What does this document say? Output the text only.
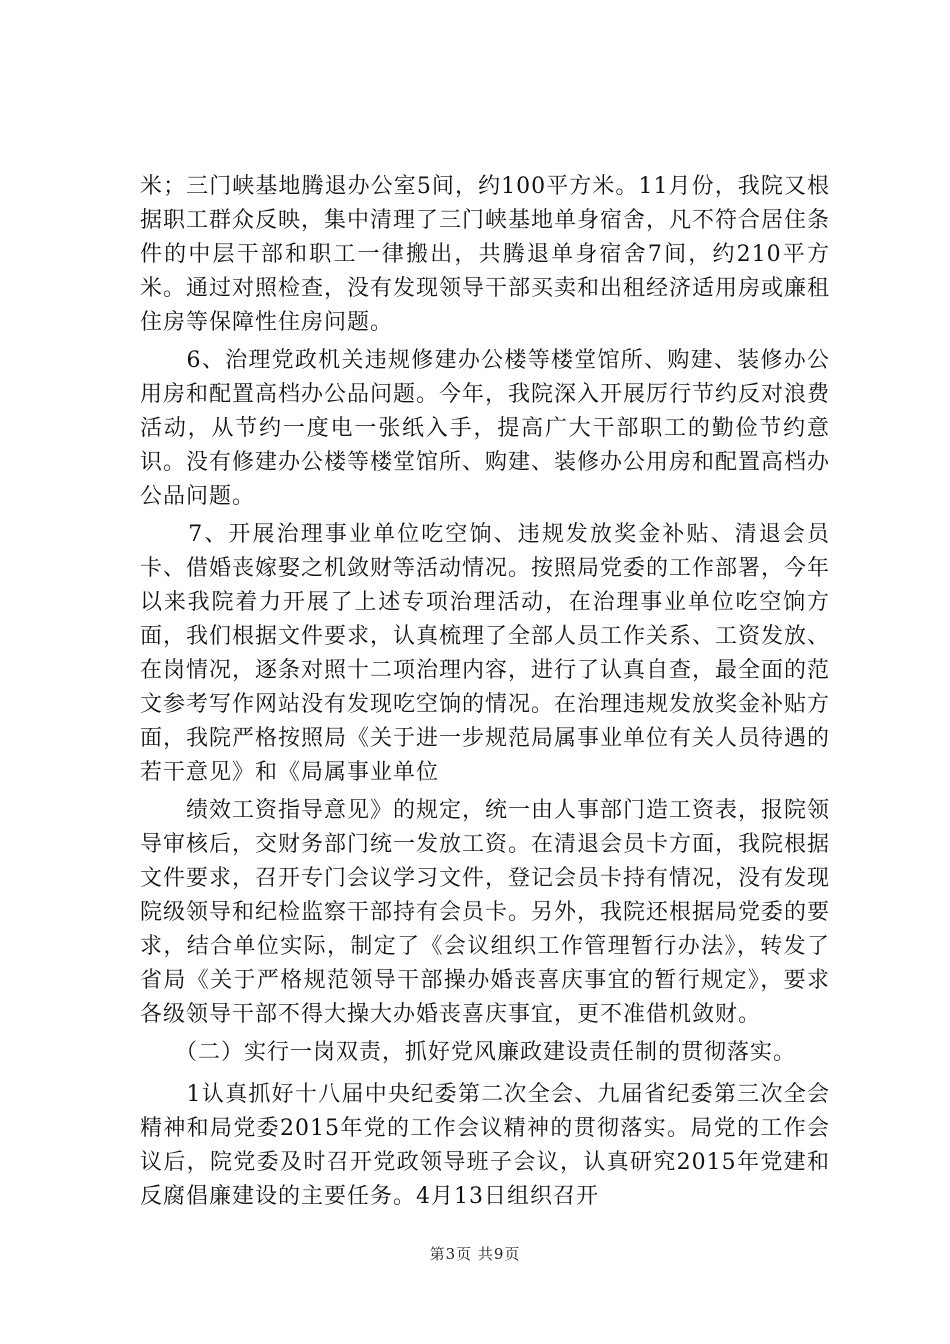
米；三门峡基地腾退办公室5间，约100平方米。11月份，我院又根据职工群众反映，集中清理了三门峡基地单身宿舍，凡不符合居住条件的中层干部和职工一律搬出，共腾退单身宿舍7间，约210平方米。通过对照检查，没有发现领导干部买卖和出租经济适用房或廉租住房等保障性住房问题。

　　6、治理党政机关违规修建办公楼等楼堂馆所、购建、装修办公用房和配置高档办公品问题。今年，我院深入开展厉行节约反对浪费活动，从节约一度电一张纸入手，提高广大干部职工的勤俭节约意识。没有修建办公楼等楼堂馆所、购建、装修办公用房和配置高档办公品问题。

　　7、开展治理事业单位吃空饷、违规发放奖金补贴、清退会员卡、借婚丧嫁娶之机敛财等活动情况。按照局党委的工作部署，今年以来我院着力开展了上述专项治理活动，在治理事业单位吃空饷方面，我们根据文件要求，认真梳理了全部人员工作关系、工资发放、在岗情况，逐条对照十二项治理内容，进行了认真自查，最全面的范文参考写作网站没有发现吃空饷的情况。在治理违规发放奖金补贴方面，我院严格按照局《关于进一步规范局属事业单位有关人员待遇的若干意见》和《局属事业单位

　　绩效工资指导意见》的规定，统一由人事部门造工资表，报院领导审核后，交财务部门统一发放工资。在清退会员卡方面，我院根据文件要求，召开专门会议学习文件，登记会员卡持有情况，没有发现院级领导和纪检监察干部持有会员卡。另外，我院还根据局党委的要求，结合单位实际，制定了《会议组织工作管理暂行办法》，转发了省局《关于严格规范领导干部操办婚丧喜庆事宜的暂行规定》，要求各级领导干部不得大操大办婚丧喜庆事宜，更不准借机敛财。

　　（二）实行一岗双责，抓好党风廉政建设责任制的贯彻落实。

　　1认真抓好十八届中央纪委第二次全会、九届省纪委第三次全会精神和局党委2015年党的工作会议精神的贯彻落实。局党的工作会议后，院党委及时召开党政领导班子会议，认真研究2015年党建和反腐倡廉建设的主要任务。4月13日组织召开

第3页 共9页
